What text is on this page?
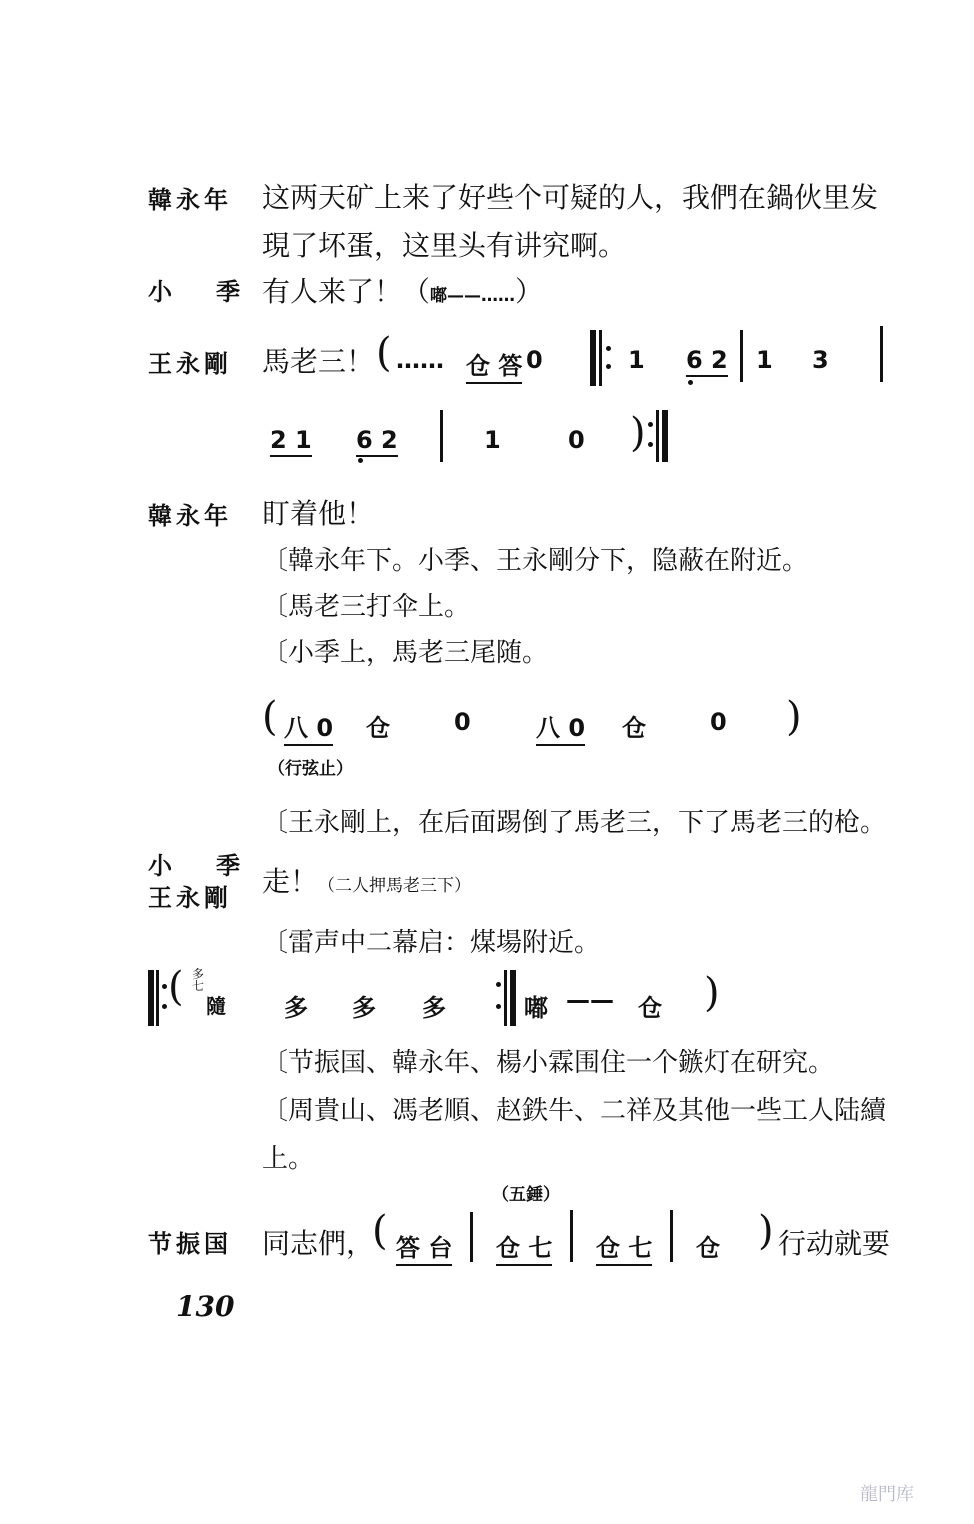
韓永年 这两天矿上来了好些个可疑的人，我們在鍋伙里发
現了坏蛋，这里头有讲究啊。
小　季 有人来了！（嘟——……）
王永剛 馬老三！ ( …… 仓 答 0	1 6 2 1 3
2 1 6 2	1	0 )
韓永年 盯着他！
〔韓永年下。小季、王永剛分下，隐蔽在附近。
〔馬老三打伞上。
〔小季上，馬老三尾随。
( 八 0 仓	0	八 0 仓	0 )
（行弦止）
〔王永剛上，在后面踢倒了馬老三，下了馬老三的枪。
小　季
王永剛 走！（二人押馬老三下）
〔雷声中二幕启：煤場附近。
( 多七
隨 多 多 多	嘟 —— 仓 )
〔节振国、韓永年、楊小霖围住一个鏃灯在研究。
〔周貴山、馮老順、赵鉄牛、二祥及其他一些工人陆續
上。
（五錘）
节振国 同志們，
( 答 台 仓 七 仓 七 仓 ) 行动就要
130
龍門库
